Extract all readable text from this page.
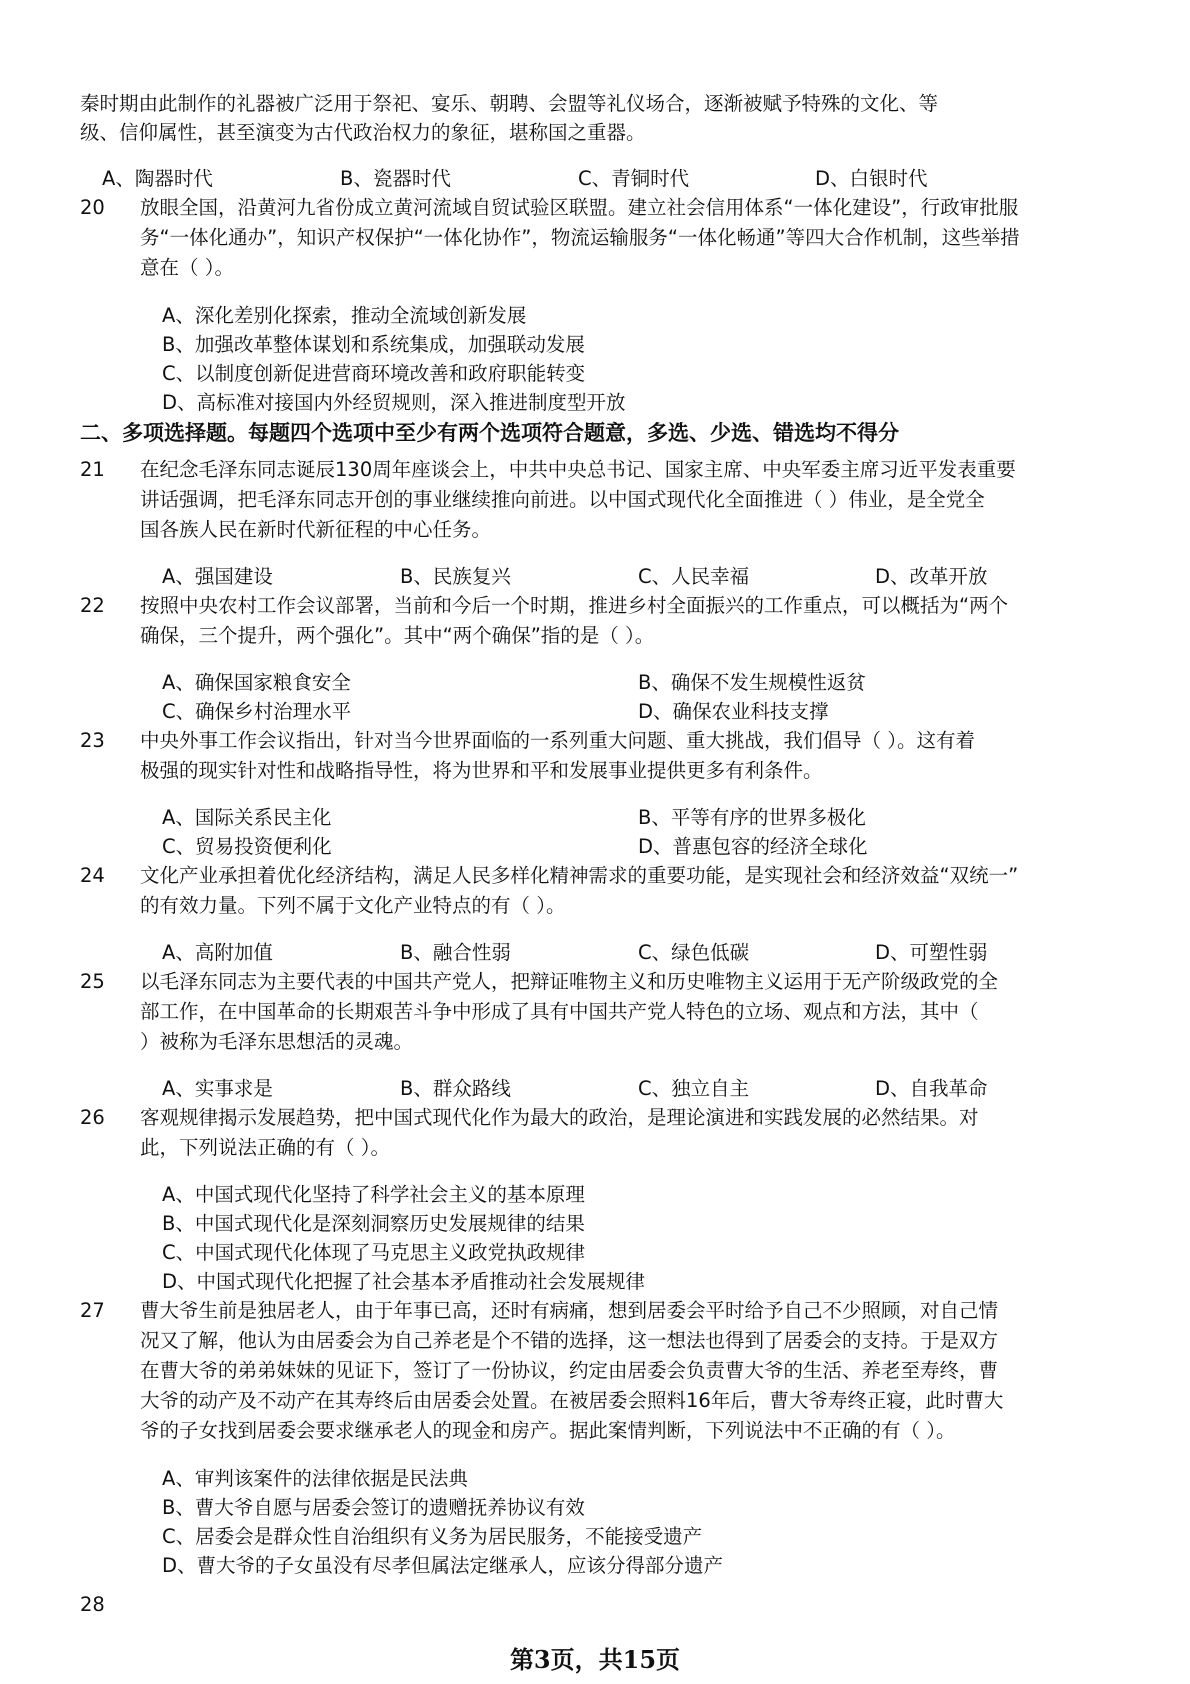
秦时期由此制作的礼器被广泛用于祭祀、宴乐、朝聘、会盟等礼仪场合，逐渐被赋予特殊的文化、等
级、信仰属性，甚至演变为古代政治权力的象征，堪称国之重器。
A、陶器时代	B、瓷器时代	C、青铜时代	D、白银时代
20	放眼全国，沿黄河九省份成立黄河流域自贸试验区联盟。建立社会信用体系“一体化建设”，行政审批服
务“一体化通办”，知识产权保护“一体化协作”，物流运输服务“一体化畅通”等四大合作机制，这些举措
意在（ ）。
A、深化差别化探索，推动全流域创新发展
B、加强改革整体谋划和系统集成，加强联动发展
C、以制度创新促进营商环境改善和政府职能转变
D、高标准对接国内外经贸规则，深入推进制度型开放
二、多项选择题。每题四个选项中至少有两个选项符合题意，多选、少选、错选均不得分
21	在纪念毛泽东同志诞辰130周年座谈会上，中共中央总书记、国家主席、中央军委主席习近平发表重要
讲话强调，把毛泽东同志开创的事业继续推向前进。以中国式现代化全面推进（ ）伟业，是全党全
国各族人民在新时代新征程的中心任务。
A、强国建设	B、民族复兴	C、人民幸福	D、改革开放
22	按照中央农村工作会议部署，当前和今后一个时期，推进乡村全面振兴的工作重点，可以概括为“两个
确保，三个提升，两个强化”。其中“两个确保”指的是（ ）。
A、确保国家粮食安全	B、确保不发生规模性返贫
C、确保乡村治理水平	D、确保农业科技支撑
23	中央外事工作会议指出，针对当今世界面临的一系列重大问题、重大挑战，我们倡导（ ）。这有着
极强的现实针对性和战略指导性，将为世界和平和发展事业提供更多有利条件。
A、国际关系民主化	B、平等有序的世界多极化
C、贸易投资便利化	D、普惠包容的经济全球化
24	文化产业承担着优化经济结构，满足人民多样化精神需求的重要功能，是实现社会和经济效益“双统一”
的有效力量。下列不属于文化产业特点的有（ ）。
A、高附加值	B、融合性弱	C、绿色低碳	D、可塑性弱
25	以毛泽东同志为主要代表的中国共产党人，把辩证唯物主义和历史唯物主义运用于无产阶级政党的全
部工作，在中国革命的长期艰苦斗争中形成了具有中国共产党人特色的立场、观点和方法，其中（
）被称为毛泽东思想活的灵魂。
A、实事求是	B、群众路线	C、独立自主	D、自我革命
26	客观规律揭示发展趋势，把中国式现代化作为最大的政治，是理论演进和实践发展的必然结果。对
此，下列说法正确的有（ ）。
A、中国式现代化坚持了科学社会主义的基本原理
B、中国式现代化是深刻洞察历史发展规律的结果
C、中国式现代化体现了马克思主义政党执政规律
D、中国式现代化把握了社会基本矛盾推动社会发展规律
27	曹大爷生前是独居老人，由于年事已高，还时有病痛，想到居委会平时给予自己不少照顾，对自己情
况又了解，他认为由居委会为自己养老是个不错的选择，这一想法也得到了居委会的支持。于是双方
在曹大爷的弟弟妹妹的见证下，签订了一份协议，约定由居委会负责曹大爷的生活、养老至寿终，曹
大爷的动产及不动产在其寿终后由居委会处置。在被居委会照料16年后，曹大爷寿终正寝，此时曹大
爷的子女找到居委会要求继承老人的现金和房产。据此案情判断，下列说法中不正确的有（ ）。
A、审判该案件的法律依据是民法典
B、曹大爷自愿与居委会签订的遗赠抚养协议有效
C、居委会是群众性自治组织有义务为居民服务，不能接受遗产
D、曹大爷的子女虽没有尽孝但属法定继承人，应该分得部分遗产
28
第3页，共15页
